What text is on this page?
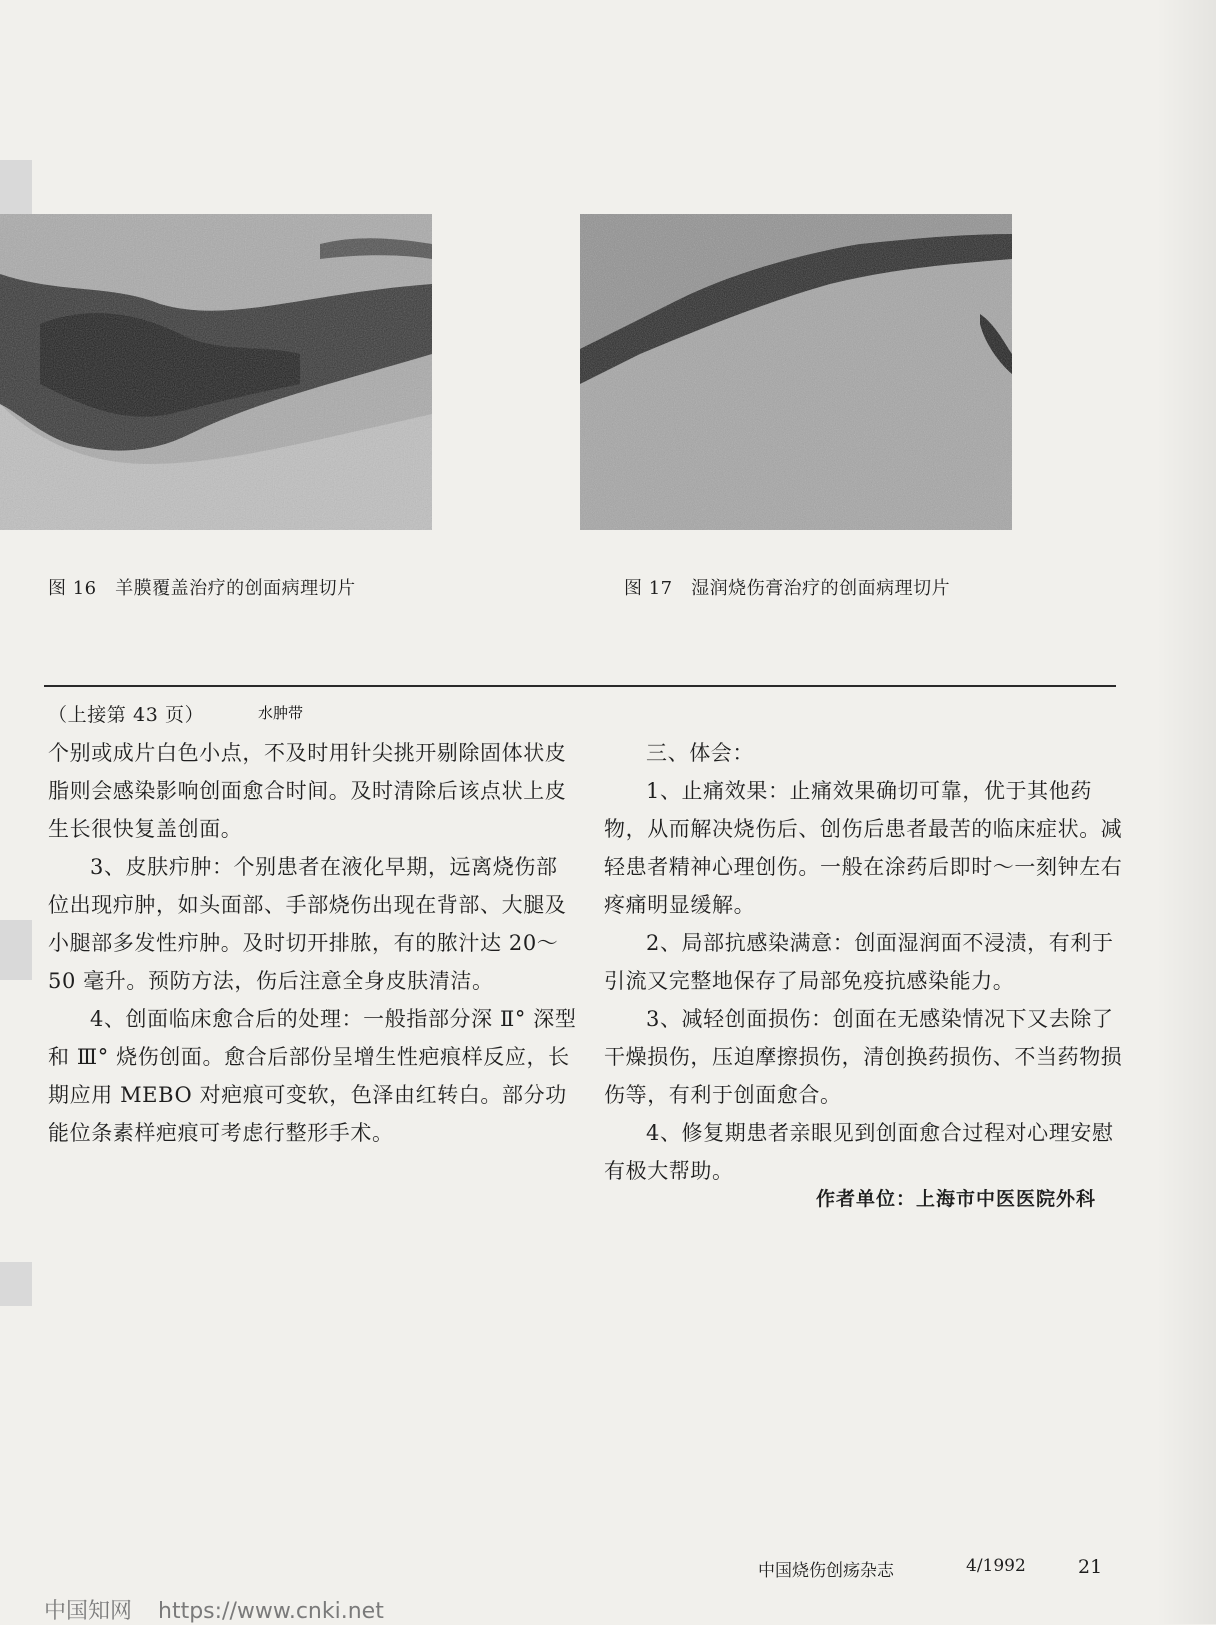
水肿带
图 16　羊膜覆盖治疗的创面病理切片	图 17　湿润烧伤膏治疗的创面病理切片

（上接第 43 页）

个别或成片白色小点，不及时用针尖挑开剔除固体状皮脂则会感染影响创面愈合时间。及时清除后该点状上皮生长很快复盖创面。

3、皮肤疖肿：个别患者在液化早期，远离烧伤部位出现疖肿，如头面部、手部烧伤出现在背部、大腿及小腿部多发性疖肿。及时切开排脓，有的脓汁达 20～50 毫升。预防方法，伤后注意全身皮肤清洁。

4、创面临床愈合后的处理：一般指部分深 Ⅱ° 深型和 Ⅲ° 烧伤创面。愈合后部份呈增生性疤痕样反应，长期应用 MEBO 对疤痕可变软，色泽由红转白。部分功能位条素样疤痕可考虑行整形手术。

三、体会：

1、止痛效果：止痛效果确切可靠，优于其他药物，从而解决烧伤后、创伤后患者最苦的临床症状。减轻患者精神心理创伤。一般在涂药后即时～一刻钟左右疼痛明显缓解。

2、局部抗感染满意：创面湿润面不浸渍，有利于引流又完整地保存了局部免疫抗感染能力。

3、减轻创面损伤：创面在无感染情况下又去除了干燥损伤，压迫摩擦损伤，清创换药损伤、不当药物损伤等，有利于创面愈合。

4、修复期患者亲眼见到创面愈合过程对心理安慰有极大帮助。

作者单位：上海市中医医院外科
中国烧伤创疡杂志	4/1992	21
中国知网 https://www.cnki.net
